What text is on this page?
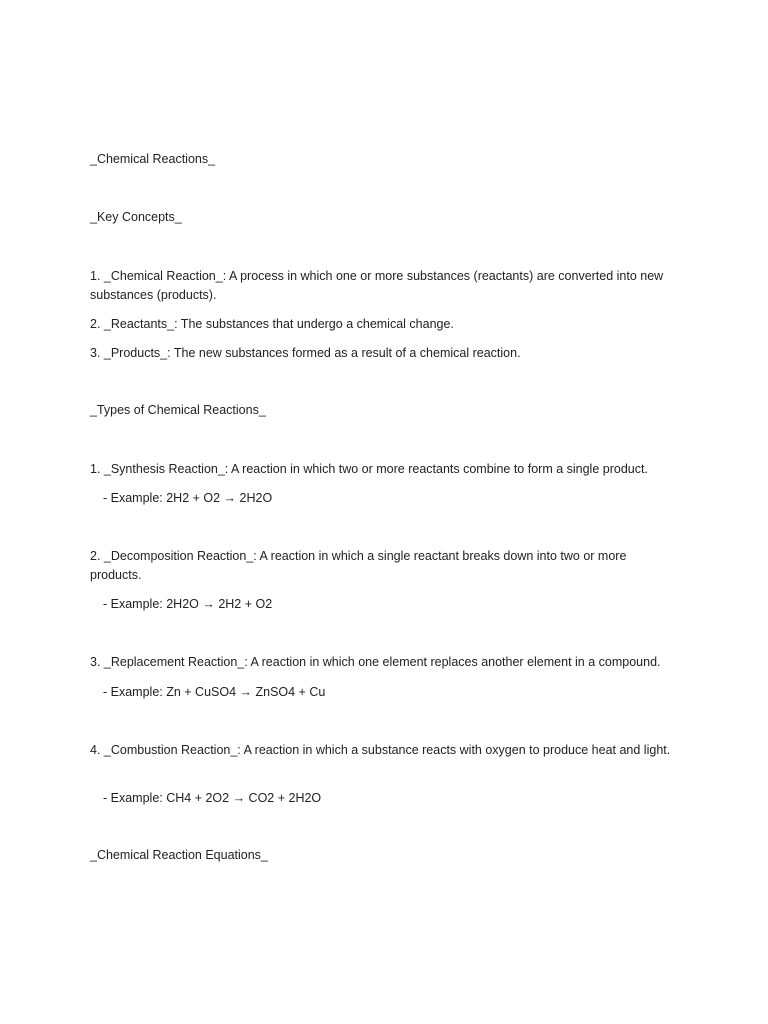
_Chemical Reactions_
_Key Concepts_
1. _Chemical Reaction_: A process in which one or more substances (reactants) are converted into new substances (products).
2. _Reactants_: The substances that undergo a chemical change.
3. _Products_: The new substances formed as a result of a chemical reaction.
_Types of Chemical Reactions_
1. _Synthesis Reaction_: A reaction in which two or more reactants combine to form a single product.
- Example: 2H2 + O2 → 2H2O
2. _Decomposition Reaction_: A reaction in which a single reactant breaks down into two or more products.
- Example: 2H2O → 2H2 + O2
3. _Replacement Reaction_: A reaction in which one element replaces another element in a compound.
- Example: Zn + CuSO4 → ZnSO4 + Cu
4. _Combustion Reaction_: A reaction in which a substance reacts with oxygen to produce heat and light.
- Example: CH4 + 2O2 → CO2 + 2H2O
_Chemical Reaction Equations_
